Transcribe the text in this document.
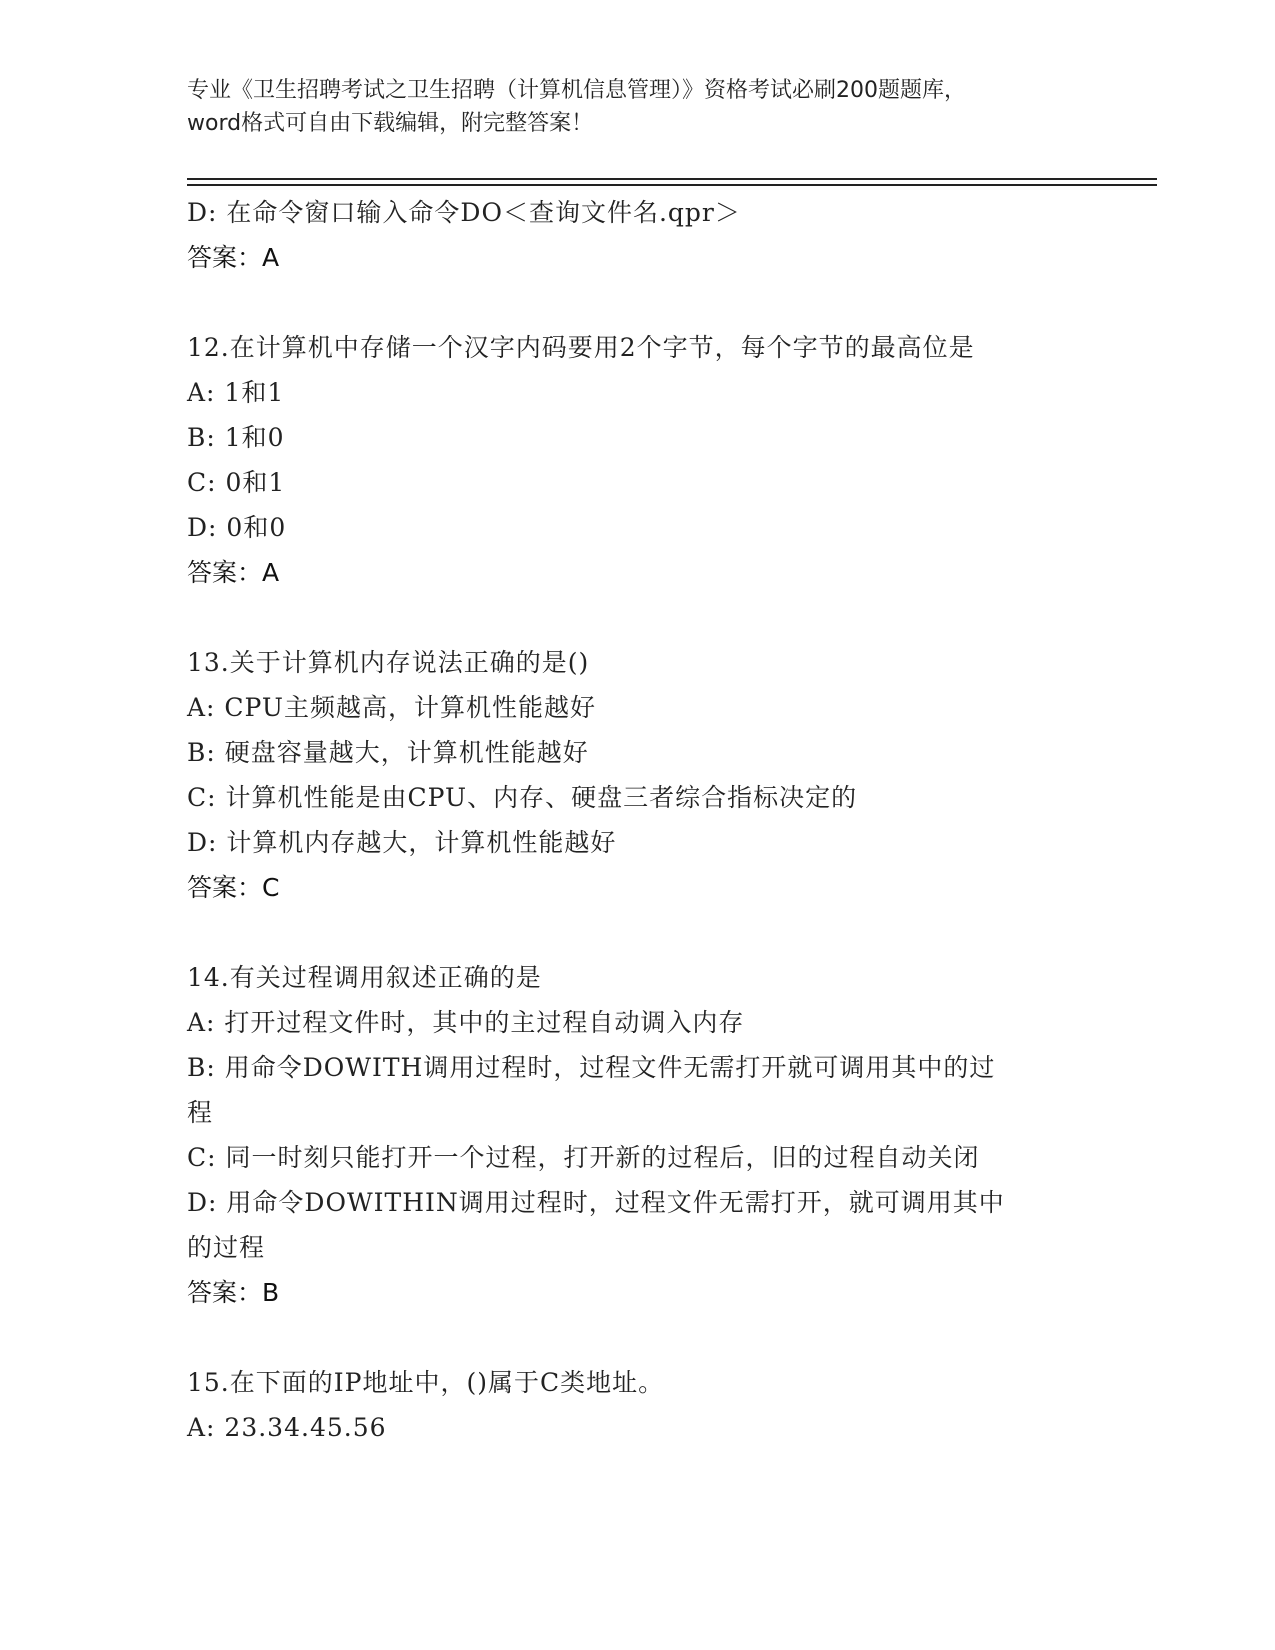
专业《卫生招聘考试之卫生招聘（计算机信息管理）》资格考试必刷200题题库，
word格式可自由下载编辑，附完整答案！
D: 在命令窗口输入命令DO＜查询文件名.qpr＞
答案：A
12.在计算机中存储一个汉字内码要用2个字节，每个字节的最高位是
A: 1和1
B: 1和0
C: 0和1
D: 0和0
答案：A
13.关于计算机内存说法正确的是()
A: CPU主频越高，计算机性能越好
B: 硬盘容量越大，计算机性能越好
C: 计算机性能是由CPU、内存、硬盘三者综合指标决定的
D: 计算机内存越大，计算机性能越好
答案：C
14.有关过程调用叙述正确的是
A: 打开过程文件时，其中的主过程自动调入内存
B: 用命令DOWITH调用过程时，过程文件无需打开就可调用其中的过
程
C: 同一时刻只能打开一个过程，打开新的过程后，旧的过程自动关闭
D: 用命令DOWITHIN调用过程时，过程文件无需打开，就可调用其中
的过程
答案：B
15.在下面的IP地址中，()属于C类地址。
A: 23.34.45.56
